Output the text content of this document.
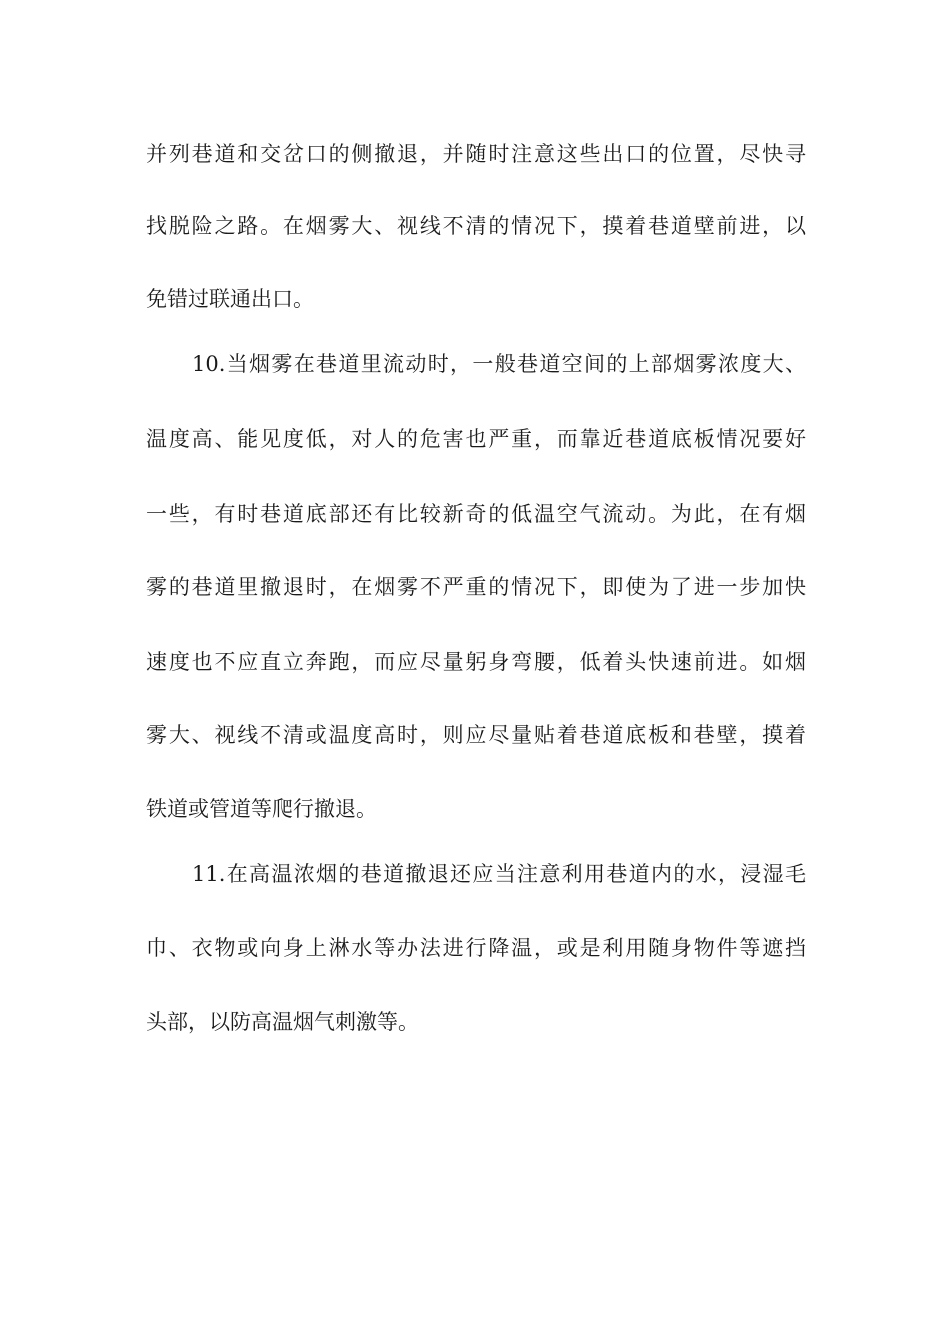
并列巷道和交岔口的侧撤退，并随时注意这些出口的位置，尽快寻
找脱险之路。在烟雾大、视线不清的情况下，摸着巷道壁前进，以
免错过联通出口。
10.当烟雾在巷道里流动时，一般巷道空间的上部烟雾浓度大、
温度高、能见度低，对人的危害也严重，而靠近巷道底板情况要好
一些，有时巷道底部还有比较新奇的低温空气流动。为此，在有烟
雾的巷道里撤退时，在烟雾不严重的情况下，即使为了进一步加快
速度也不应直立奔跑，而应尽量躬身弯腰，低着头快速前进。如烟
雾大、视线不清或温度高时，则应尽量贴着巷道底板和巷壁，摸着
铁道或管道等爬行撤退。
11.在高温浓烟的巷道撤退还应当注意利用巷道内的水，浸湿毛
巾、衣物或向身上淋水等办法进行降温，或是利用随身物件等遮挡
头部，以防高温烟气刺激等。
